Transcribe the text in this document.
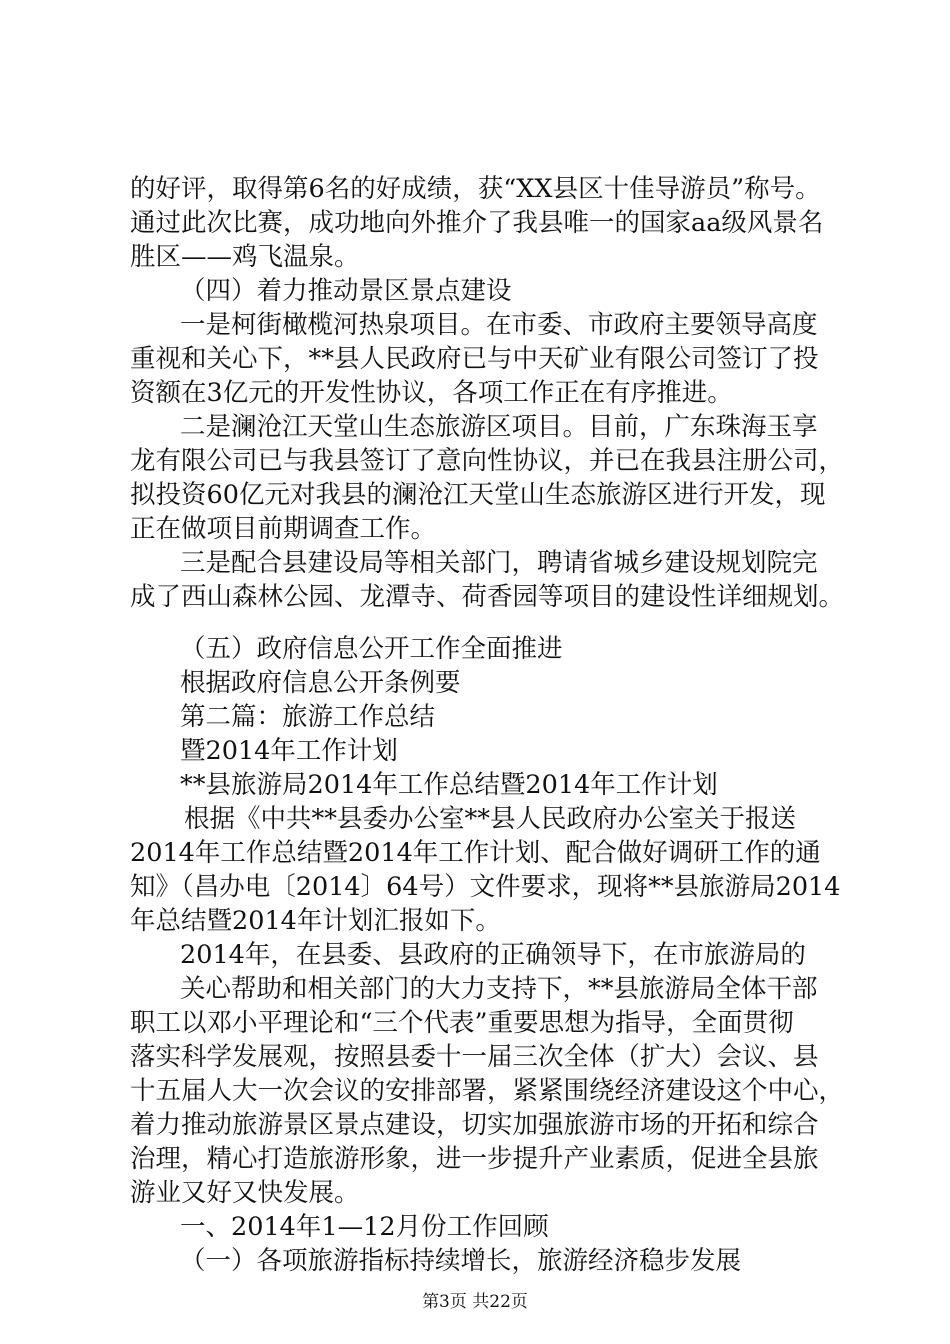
的好评，取得第6名的好成绩，获“XX县区十佳导游员”称号。
通过此次比赛，成功地向外推介了我县唯一的国家aa级风景名
胜区——鸡飞温泉。
（四）着力推动景区景点建设
一是柯街橄榄河热泉项目。在市委、市政府主要领导高度
重视和关心下，**县人民政府已与中天矿业有限公司签订了投
资额在3亿元的开发性协议，各项工作正在有序推进。
二是澜沧江天堂山生态旅游区项目。目前，广东珠海玉享
龙有限公司已与我县签订了意向性协议，并已在我县注册公司，
拟投资60亿元对我县的澜沧江天堂山生态旅游区进行开发，现
正在做项目前期调查工作。
三是配合县建设局等相关部门，聘请省城乡建设规划院完
成了西山森林公园、龙潭寺、荷香园等项目的建设性详细规划。
（五）政府信息公开工作全面推进
根据政府信息公开条例要
第二篇：旅游工作总结
暨2014年工作计划
**县旅游局2014年工作总结暨2014年工作计划
根据《中共**县委办公室**县人民政府办公室关于报送
2014年工作总结暨2014年工作计划、配合做好调研工作的通
知》（昌办电〔2014〕64号）文件要求，现将**县旅游局2014
年总结暨2014年计划汇报如下。
2014年，在县委、县政府的正确领导下，在市旅游局的
关心帮助和相关部门的大力支持下，**县旅游局全体干部
职工以邓小平理论和“三个代表”重要思想为指导，全面贯彻
落实科学发展观，按照县委十一届三次全体（扩大）会议、县
十五届人大一次会议的安排部署，紧紧围绕经济建设这个中心，
着力推动旅游景区景点建设，切实加强旅游市场的开拓和综合
治理，精心打造旅游形象，进一步提升产业素质，促进全县旅
游业又好又快发展。
一、2014年1—12月份工作回顾
（一）各项旅游指标持续增长，旅游经济稳步发展
第3页 共22页
